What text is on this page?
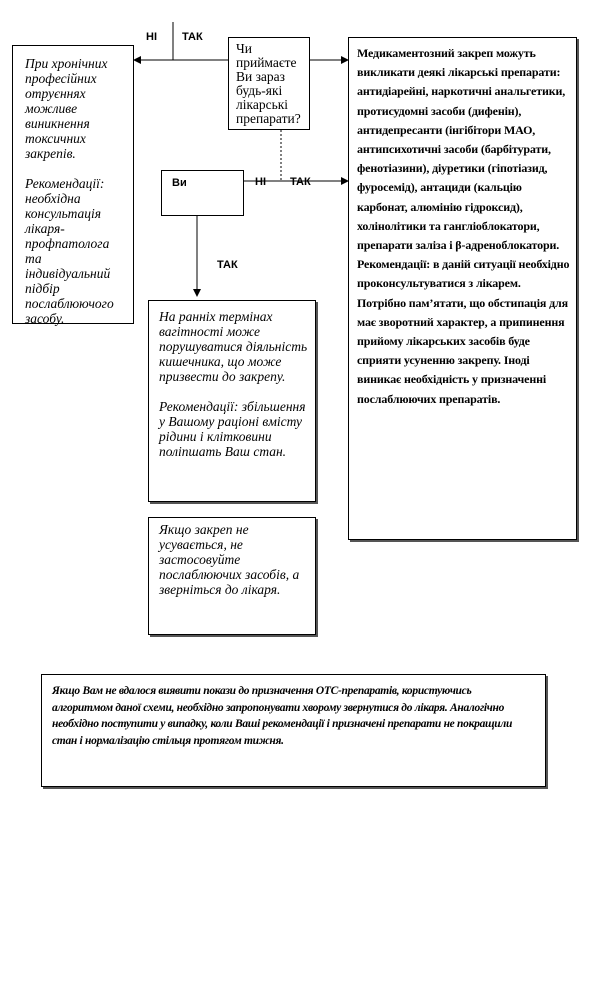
НІ ТАК
НІ ТАК
ТАК

При хронічних професійних отруєннях можливе виникнення токсичних закрепів.

Рекомендації: необхідна консультація лікаря-профпатолога та індивідуальний підбір послаблюючого засобу.

Чи приймаєте Ви зараз будь-які лікарські препарати?
Ви
Медикаментозний закреп можуть викликати деякі лікарські препарати: антидіарейні, наркотичні анальгетики, протисудомні засоби (дифенін), антидепресанти (інгібітори МАО, антипсихотичні засоби (барбітурати, фенотіазини), діуретики (гіпотіазид, фуросемід), антациди (кальцію карбонат, алюмінію гідроксид), холінолітики та гангліоблокатори, препарати заліза і β-адреноблокатори. Рекомендації: в даній ситуації необхідно проконсультуватися з лікарем. Потрібно пам’ятати, що обстипація для має зворотний характер, а припинення прийому лікарських засобів буде сприяти усуненню закрепу. Іноді виникає необхідність у призначенні послаблюючих препаратів.

На ранніх термінах вагітності може порушуватися діяльність кишечника, що може призвести до закрепу.

Рекомендації: збільшення у Вашому раціоні вмісту рідини і клітковини поліпшать Ваш стан.

Якщо закреп не усувається, не застосовуйте послаблюючих засобів, а зверніться до лікаря.
Якщо Вам не вдалося виявити покази до призначення ОТС-препаратів, користуючись алгоритмом даної схеми, необхідно запропонувати хворому звернутися до лікаря. Аналогічно необхідно поступити у випадку, коли Ваші рекомендації і призначені препарати не покращили стан і нормалізацію стільця протягом тижня.
